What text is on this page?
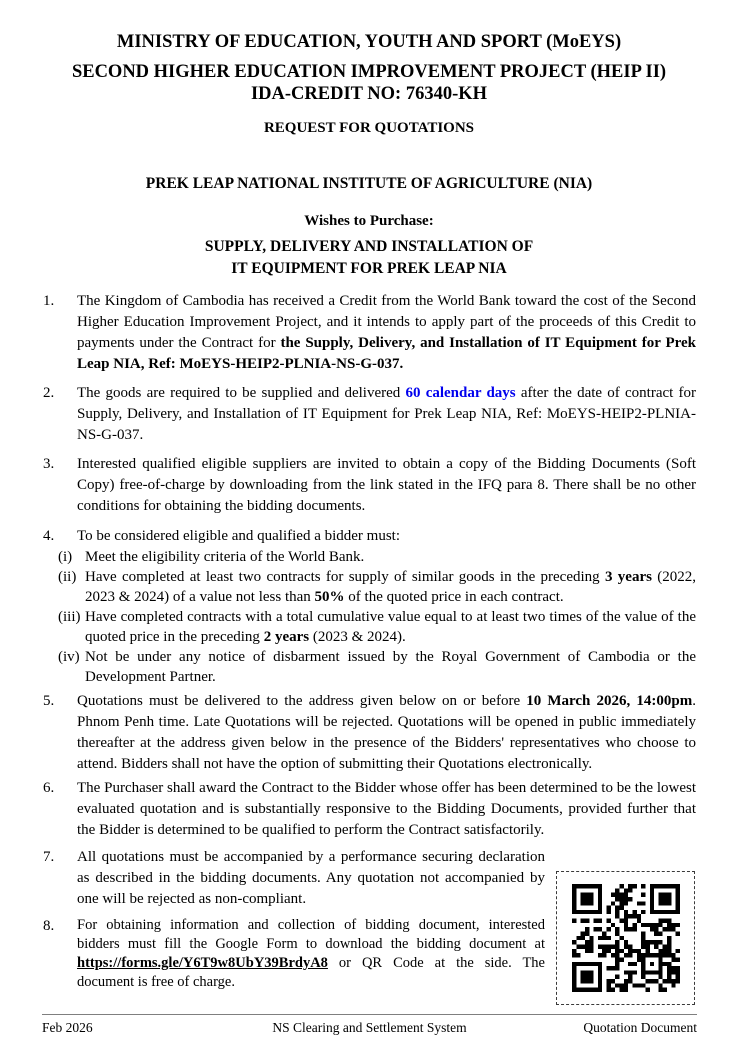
MINISTRY OF EDUCATION, YOUTH AND SPORT (MoEYS)
SECOND HIGHER EDUCATION IMPROVEMENT PROJECT (HEIP II)
IDA-CREDIT NO: 76340-KH
REQUEST FOR QUOTATIONS
PREK LEAP NATIONAL INSTITUTE OF AGRICULTURE (NIA)
Wishes to Purchase:
SUPPLY, DELIVERY AND INSTALLATION OF
IT EQUIPMENT FOR PREK LEAP NIA
1.	The Kingdom of Cambodia has received a Credit from the World Bank toward the cost of the Second Higher Education Improvement Project, and it intends to apply part of the proceeds of this Credit to payments under the Contract for the Supply, Delivery, and Installation of IT Equipment for Prek Leap NIA, Ref: MoEYS-HEIP2-PLNIA-NS-G-037.
2.	The goods are required to be supplied and delivered 60 calendar days after the date of contract for Supply, Delivery, and Installation of IT Equipment for Prek Leap NIA, Ref: MoEYS-HEIP2-PLNIA-NS-G-037.
3.	Interested qualified eligible suppliers are invited to obtain a copy of the Bidding Documents (Soft Copy) free-of-charge by downloading from the link stated in the IFQ para 8. There shall be no other conditions for obtaining the bidding documents.
4.	To be considered eligible and qualified a bidder must:
(i) Meet the eligibility criteria of the World Bank.
(ii) Have completed at least two contracts for supply of similar goods in the preceding 3 years (2022, 2023 & 2024) of a value not less than 50% of the quoted price in each contract.
(iii) Have completed contracts with a total cumulative value equal to at least two times of the value of the quoted price in the preceding 2 years (2023 & 2024).
(iv) Not be under any notice of disbarment issued by the Royal Government of Cambodia or the Development Partner.
5.	Quotations must be delivered to the address given below on or before 10 March 2026, 14:00pm. Phnom Penh time. Late Quotations will be rejected. Quotations will be opened in public immediately thereafter at the address given below in the presence of the Bidders' representatives who choose to attend. Bidders shall not have the option of submitting their Quotations electronically.
6.	The Purchaser shall award the Contract to the Bidder whose offer has been determined to be the lowest evaluated quotation and is substantially responsive to the Bidding Documents, provided further that the Bidder is determined to be qualified to perform the Contract satisfactorily.
7.	All quotations must be accompanied by a performance securing declaration as described in the bidding documents. Any quotation not accompanied by one will be rejected as non-compliant.
8.	For obtaining information and collection of bidding document, interested bidders must fill the Google Form to download the bidding document at https://forms.gle/Y6T9w8UbY39BrdyA8 or QR Code at the side. The document is free of charge.
Feb 2026	NS Clearing and Settlement System	Quotation Document
